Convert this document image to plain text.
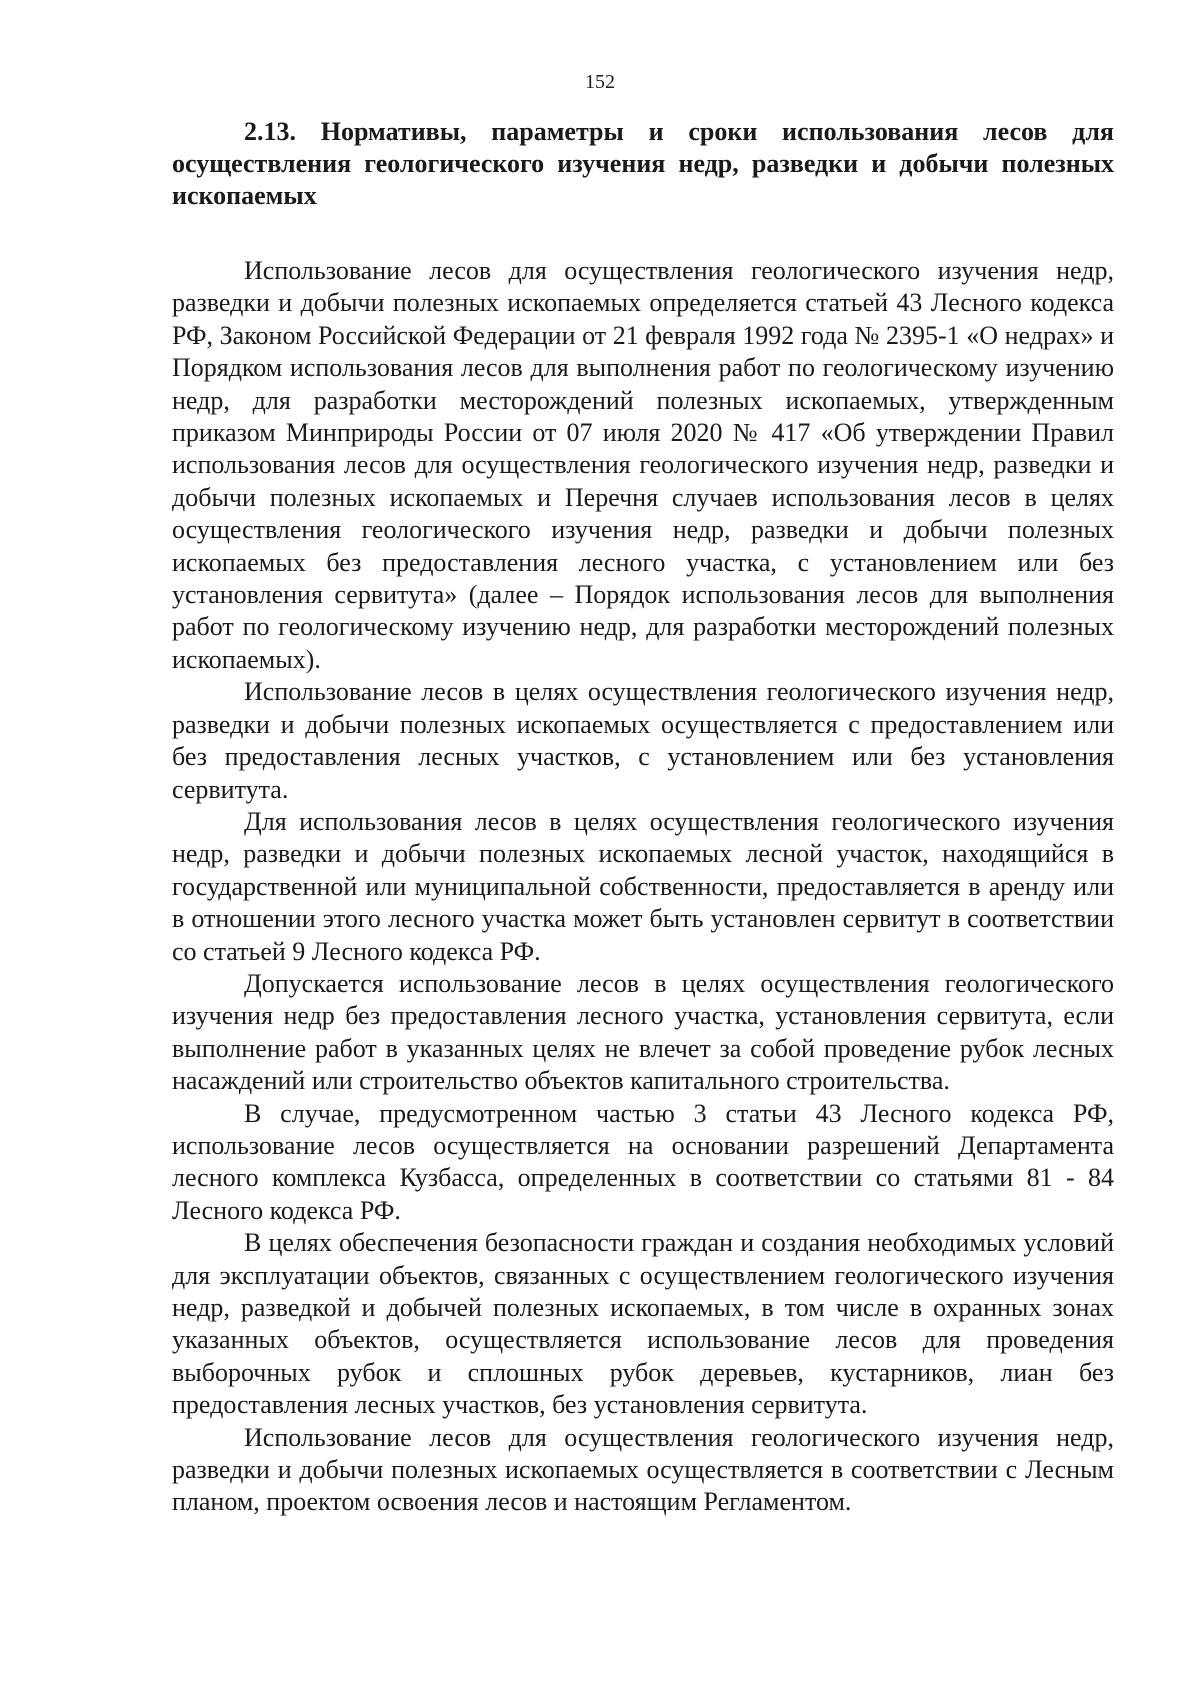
152
2.13. Нормативы, параметры и сроки использования лесов для осуществления геологического изучения недр, разведки и добычи полезных ископаемых

Использование лесов для осуществления геологического изучения недр, разведки и добычи полезных ископаемых определяется статьей 43 Лесного кодекса РФ, Законом Российской Федерации от 21 февраля 1992 года № 2395-1 «О недрах» и Порядком использования лесов для выполнения работ по геологическому изучению недр, для разработки месторождений полезных ископаемых, утвержденным приказом Минприроды России от 07 июля 2020 № 417 «Об утверждении Правил использования лесов для осуществления геологического изучения недр, разведки и добычи полезных ископаемых и Перечня случаев использования лесов в целях осуществления геологического изучения недр, разведки и добычи полезных ископаемых без предоставления лесного участка, с установлением или без установления сервитута» (далее – Порядок использования лесов для выполнения работ по геологическому изучению недр, для разработки месторождений полезных ископаемых).

Использование лесов в целях осуществления геологического изучения недр, разведки и добычи полезных ископаемых осуществляется с предоставлением или без предоставления лесных участков, с установлением или без установления сервитута.

Для использования лесов в целях осуществления геологического изучения недр, разведки и добычи полезных ископаемых лесной участок, находящийся в государственной или муниципальной собственности, предоставляется в аренду или в отношении этого лесного участка может быть установлен сервитут в соответствии со статьей 9 Лесного кодекса РФ.

Допускается использование лесов в целях осуществления геологического изучения недр без предоставления лесного участка, установления сервитута, если выполнение работ в указанных целях не влечет за собой проведение рубок лесных насаждений или строительство объектов капитального строительства.

В случае, предусмотренном частью 3 статьи 43 Лесного кодекса РФ, использование лесов осуществляется на основании разрешений Департамента лесного комплекса Кузбасса, определенных в соответствии со статьями 81 - 84 Лесного кодекса РФ.

В целях обеспечения безопасности граждан и создания необходимых условий для эксплуатации объектов, связанных с осуществлением геологического изучения недр, разведкой и добычей полезных ископаемых, в том числе в охранных зонах указанных объектов, осуществляется использование лесов для проведения выборочных рубок и сплошных рубок деревьев, кустарников, лиан без предоставления лесных участков, без установления сервитута.

Использование лесов для осуществления геологического изучения недр, разведки и добычи полезных ископаемых осуществляется в соответствии с Лесным планом, проектом освоения лесов и настоящим Регламентом.
